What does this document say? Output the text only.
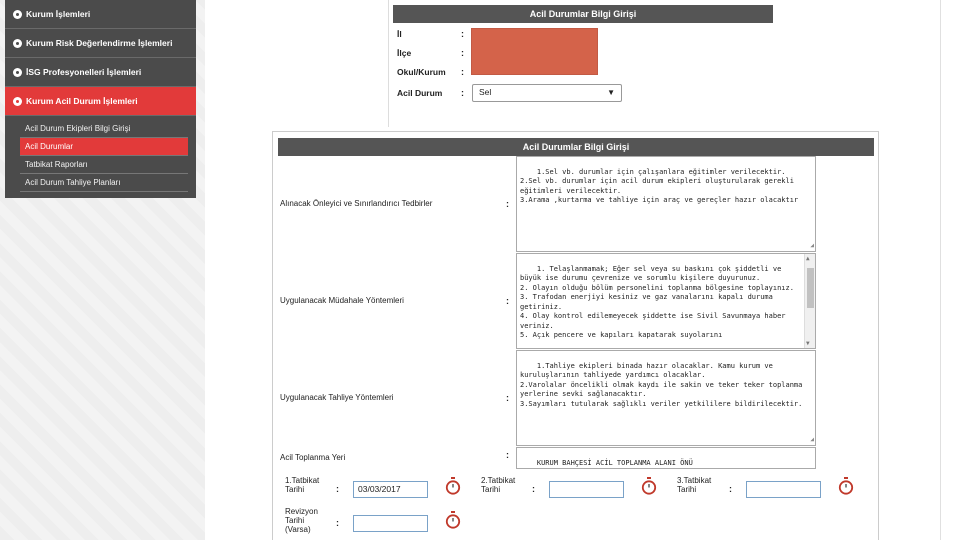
Kurum İşlemleri
Kurum Risk Değerlendirme İşlemleri
İSG Profesyonelleri İşlemleri
Kurum Acil Durum İşlemleri
Acil Durum Ekipleri Bilgi Girişi
Acil Durumlar
Tatbikat Raporları
Acil Durum Tahliye Planları
Acil Durumlar Bilgi Girişi
İl	:
İlçe	:
Okul/Kurum :
Acil Durum :	Sel	▼
Acil Durumlar Bilgi Girişi
Alınacak Önleyici ve Sınırlandırıcı Tedbirler	:

1.Sel vb. durumlar için çalışanlara eğitimler verilecektir.
2.Sel vb. durumlar için acil durum ekipleri oluşturularak gerekli eğitimleri verilecektir.
3.Arama ,kurtarma ve tahliye için araç ve gereçler hazır olacaktır

◢

Uygulanacak Müdahale Yöntemleri	:

1. Telaşlanmamak; Eğer sel veya su baskını çok şiddetli ve büyük ise durumu çevrenize ve sorumlu kişilere duyurunuz.
2. Olayın olduğu bölüm personelini toplanma bölgesine toplayınız.
3. Trafodan enerjiyi kesiniz ve gaz vanalarını kapalı duruma getiriniz.
4. Olay kontrol edilemeyecek şiddette ise Sivil Savunmaya haber veriniz.
5. Açık pencere ve kapıları kapatarak suyolarını

▲

▼

Uygulanacak Tahliye Yöntemleri	:

1.Tahliye ekipleri binada hazır olacaklar. Kamu kurum ve kuruluşlarının tahliyede yardımcı olacaklar.
2.Varolalar öncelikli olmak kaydı ile sakin ve teker teker toplanma yerlerine sevki sağlanacaktır.
3.Sayımları tutularak sağlıklı veriler yetkililere bildirilecektir.

◢

Acil Toplanma Yeri	:

KURUM BAHÇESİ ACİL TOPLANMA ALANI ÖNÜ

1.Tatbikat
Tarihi	:	03/03/2017
2.Tatbikat
Tarihi	:
3.Tatbikat
Tarihi	:
Revizyon
Tarihi
(Varsa)
:
